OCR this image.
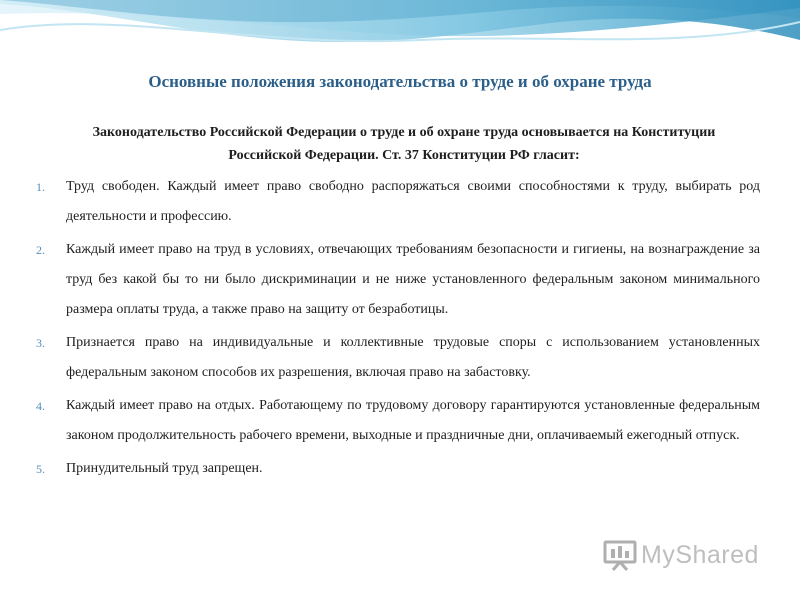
Основные положения законодательства о труде и об охране труда
Законодательство Российской Федерации о труде и об охране труда основывается на Конституции
Российской Федерации. Ст. 37 Конституции РФ гласит:
1. Труд свободен. Каждый имеет право свободно распоряжаться своими способностями к труду, выбирать род деятельности и профессию.
2. Каждый имеет право на труд в условиях, отвечающих требованиям безопасности и гигиены, на вознаграждение за труд без какой бы то ни было дискриминации и не ниже установленного федеральным законом минимального размера оплаты труда, а также право на защиту от безработицы.
3. Признается право на индивидуальные и коллективные трудовые споры с использованием установленных федеральным законом способов их разрешения, включая право на забастовку.
4. Каждый имеет право на отдых. Работающему по трудовому договору гарантируются установленные федеральным законом продолжительность рабочего времени, выходные и праздничные дни, оплачиваемый ежегодный отпуск.
5. Принудительный труд запрещен.
MyShared
